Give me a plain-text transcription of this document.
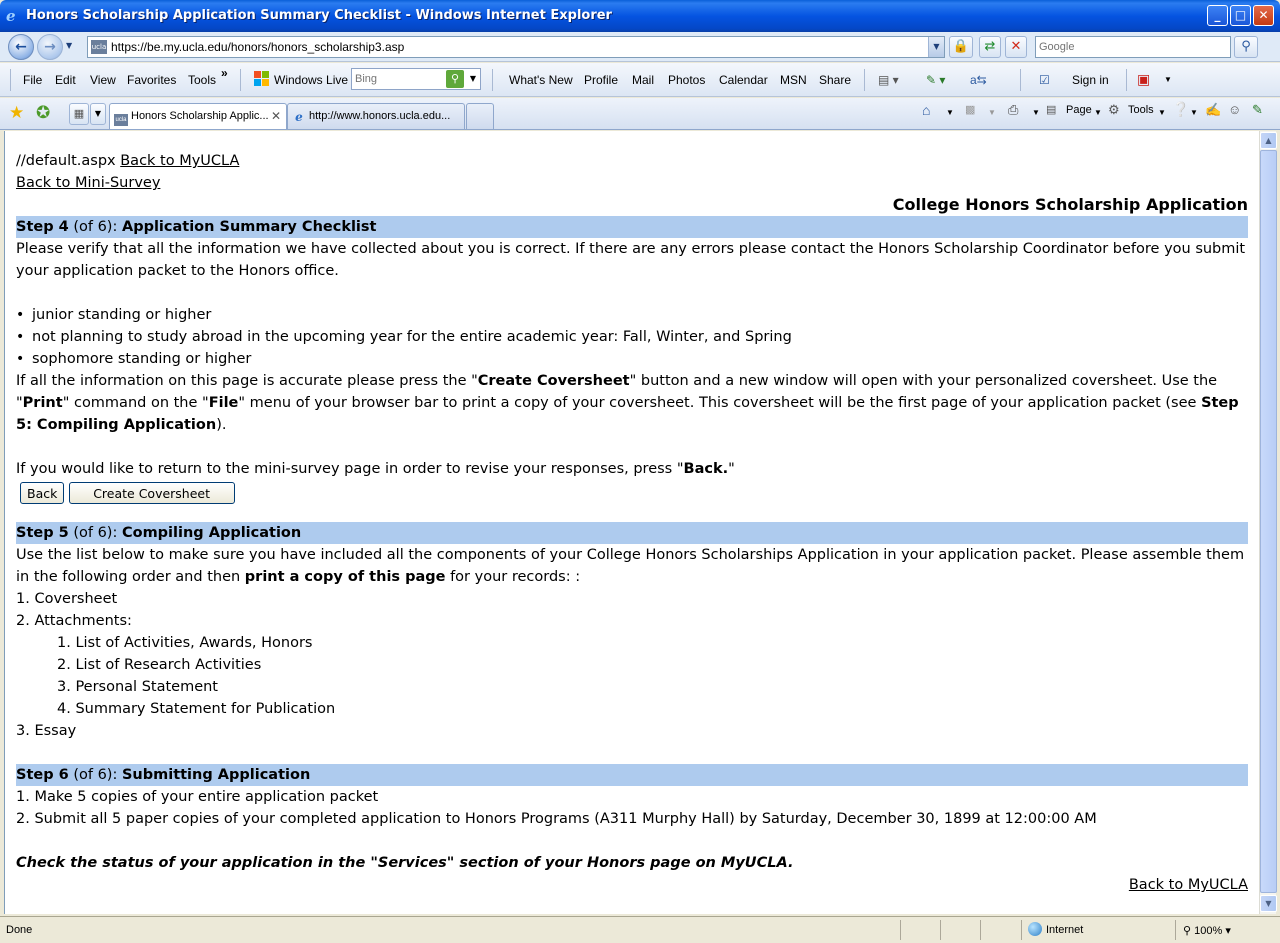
e Honors Scholarship Application Summary Checklist - Windows Internet Explorer	_	□	✕
←	→	▼	ucla https://be.my.ucla.edu/honors/honors_scholarship3.asp	▼	🔒	⇄	✕
Google	⚲
File Edit View Favorites Tools »	Windows Live
Bing	⚲	▼	What's New Profile Mail Photos Calendar MSN Share ▤ ▾ ✎ ▾ a⇆	☑ Sign in ▣ ▼
★ ✪	▦	▼
ucla Honors Scholarship Applic... ✕	e http://www.honors.ucla.edu...	⌂ ▼ ▩ ▼ ⎙ ▼ ▤ Page ▼ ⚙ Tools ▼ ❔ ▼ ✍ ☺ ✎

//default.aspx Back to MyUCLA

Back to Mini-Survey

College Honors Scholarship Application

Step 4 (of 6): Application Summary Checklist

Please verify that all the information we have collected about you is correct. If there are any errors please contact the Honors Scholarship Coordinator before you submit your application packet to the Honors office.

• junior standing or higher
• not planning to study abroad in the upcoming year for the entire academic year: Fall, Winter, and Spring
• sophomore standing or higher

If all the information on this page is accurate please press the "Create Coversheet" button and a new window will open with your personalized coversheet. Use the "Print" command on the "File" menu of your browser bar to print a copy of your coversheet. This coversheet will be the first page of your application packet (see Step 5: Compiling Application).

If you would like to return to the mini-survey page in order to revise your responses, press "Back."

Back	Create Coversheet

Step 5 (of 6): Compiling Application

Use the list below to make sure you have included all the components of your College Honors Scholarships Application in your application packet. Please assemble them in the following order and then print a copy of this page for your records: :

1. Coversheet

2. Attachments:

1. List of Activities, Awards, Honors

2. List of Research Activities

3. Personal Statement

4. Summary Statement for Publication

3. Essay

Step 6 (of 6): Submitting Application

1. Make 5 copies of your entire application packet

2. Submit all 5 paper copies of your completed application to Honors Programs (A311 Murphy Hall) by Saturday, December 30, 1899 at 12:00:00 AM

Check the status of your application in the "Services" section of your Honors page on MyUCLA.

Back to MyUCLA

▲
▼
Done	Internet	⚲ 100% ▾
